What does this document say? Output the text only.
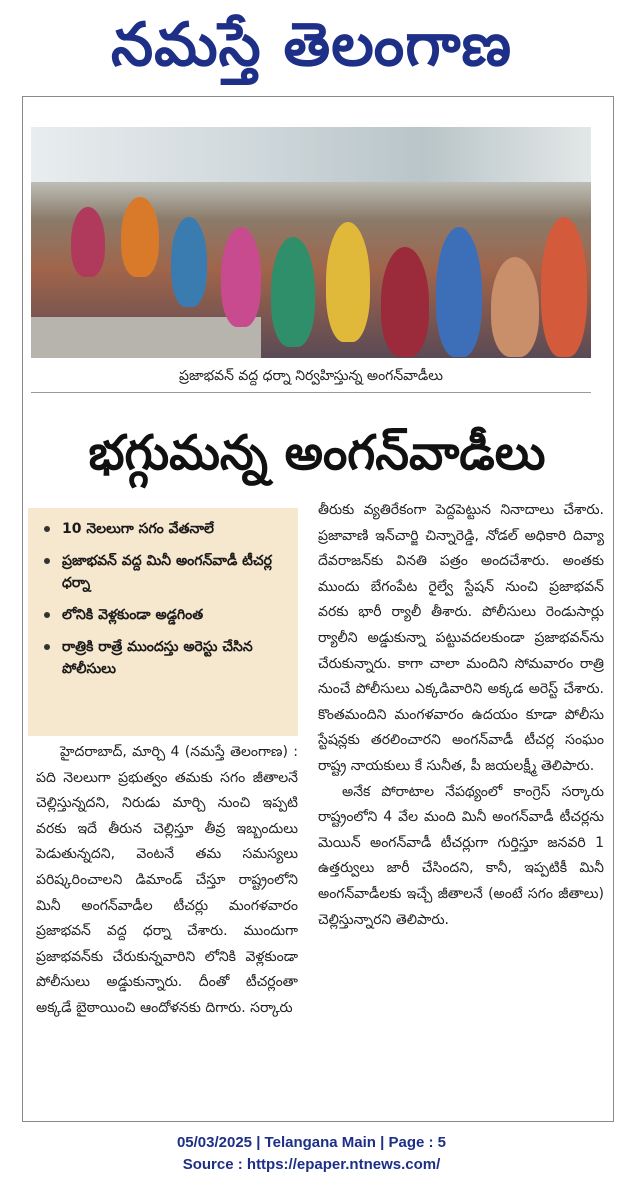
నమస్తే తెలంగాణ
ప్రజాభవన్ వద్ద ధర్నా నిర్వహిస్తున్న అంగన్‌వాడీలు
భగ్గుమన్న అంగన్‌వాడీలు
10 నెలలుగా సగం వేతనాలే
ప్రజాభవన్ వద్ద మినీ అంగన్‌వాడీ టీచర్ల ధర్నా
లోనికి వెళ్లకుండా అడ్డగింత
రాత్రికి రాత్రే ముందస్తు అరెస్టు చేసిన పోలీసులు

హైదరాబాద్, మార్చి 4 (నమస్తే తెలంగాణ) : పది నెలలుగా ప్రభుత్వం తమకు సగం జీతాలనే చెల్లిస్తున్నదని, నిరుడు మార్చి నుంచి ఇప్పటి వరకు ఇదే తీరున చెల్లిస్తూ తీవ్ర ఇబ్బందులు పెడుతున్నదని, వెంటనే తమ సమస్యలు పరిష్కరించాలని డిమాండ్ చేస్తూ రాష్ట్రంలోని మినీ అంగన్‌వాడీల టీచర్లు మంగళవారం ప్రజాభవన్ వద్ద ధర్నా చేశారు. ముందుగా ప్రజాభవన్‌కు చేరుకున్నవారిని లోనికి వెళ్లకుండా పోలీసులు అడ్డుకున్నారు. దీంతో టీచర్లంతా అక్కడే బైఠాయించి ఆందోళనకు దిగారు. సర్కారు

తీరుకు వ్యతిరేకంగా పెద్దపెట్టున నినాదాలు చేశారు. ప్రజావాణి ఇన్‌చార్జి చిన్నారెడ్డి, నోడల్ అధికారి దివ్యా దేవరాజన్‌కు వినతి పత్రం అందచేశారు. అంతకు ముందు బేగంపేట రైల్వే స్టేషన్ నుంచి ప్రజాభవన్ వరకు భారీ ర్యాలీ తీశారు. పోలీసులు రెండుసార్లు ర్యాలీని అడ్డుకున్నా పట్టువదలకుండా ప్రజాభవన్‌ను చేరుకున్నారు. కాగా చాలా మందిని సోమవారం రాత్రి నుంచే పోలీసులు ఎక్కడివారిని అక్కడ అరెస్ట్ చేశారు. కొంతమందిని మంగళవారం ఉదయం కూడా పోలీసు స్టేషన్లకు తరలించారని అంగన్‌వాడీ టీచర్ల సంఘం రాష్ట్ర నాయకులు కే సునీత, పీ జయలక్ష్మీ తెలిపారు.

అనేక పోరాటాల నేపథ్యంలో కాంగ్రెస్ సర్కారు రాష్ట్రంలోని 4 వేల మంది మినీ అంగన్‌వాడీ టీచర్లను మెయిన్ అంగన్‌వాడీ టీచర్లుగా గుర్తిస్తూ జనవరి 1 ఉత్తర్వులు జారీ చేసిందని, కానీ, ఇప్పటికీ మినీ అంగన్‌వాడీలకు ఇచ్చే జీతాలనే (అంటే సగం జీతాలు) చెల్లిస్తున్నారని తెలిపారు.

05/03/2025 | Telangana Main | Page : 5
Source : https://epaper.ntnews.com/
